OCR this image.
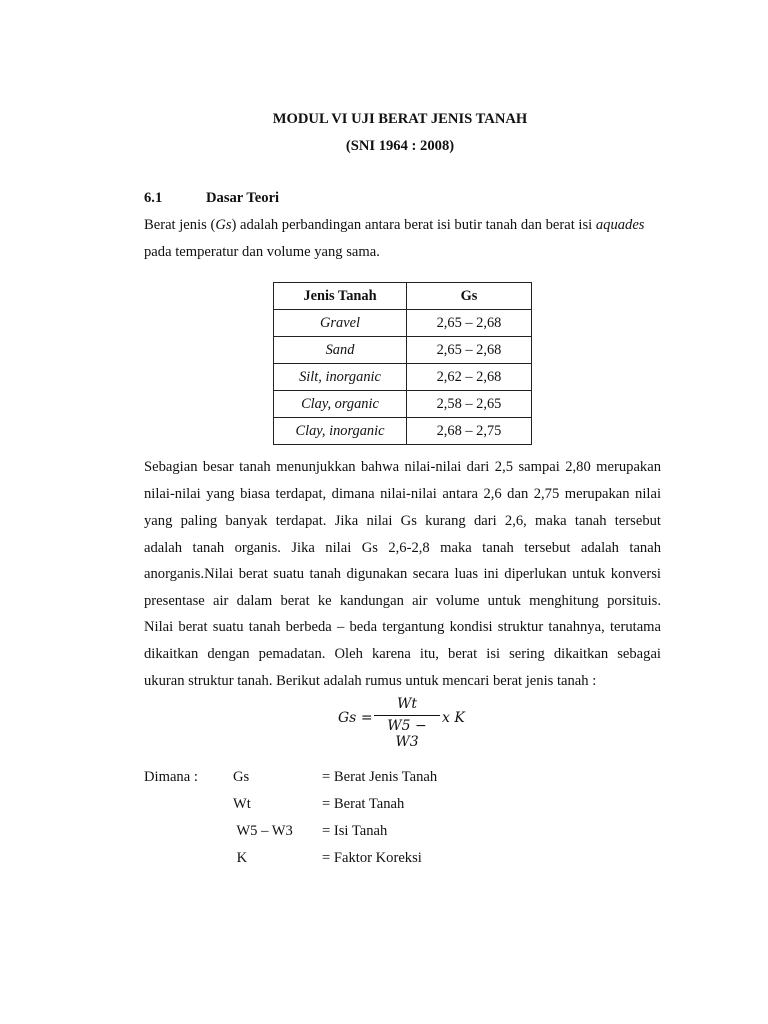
MODUL VI UJI BERAT JENIS TANAH
(SNI 1964 : 2008)
6.1	Dasar Teori
Berat jenis (Gs) adalah perbandingan antara berat isi butir tanah dan berat isi aquades
pada temperatur dan volume yang sama.
Jenis Tanah	Gs
Gravel	2,65 – 2,68
Sand	2,65 – 2,68
Silt, inorganic	2,62 – 2,68
Clay, organic	2,58 – 2,65
Clay, inorganic	2,68 – 2,75
Sebagian besar tanah menunjukkan bahwa nilai-nilai dari 2,5 sampai 2,80 merupakan
nilai-nilai yang biasa terdapat, dimana nilai-nilai antara 2,6 dan 2,75 merupakan nilai
yang paling banyak terdapat. Jika nilai Gs kurang dari 2,6, maka tanah tersebut
adalah tanah organis. Jika nilai Gs 2,6-2,8 maka tanah tersebut adalah tanah
anorganis.Nilai berat suatu tanah digunakan secara luas ini diperlukan untuk konversi
presentase air dalam berat ke kandungan air volume untuk menghitung porsituis.
Nilai berat suatu tanah berbeda – beda tergantung kondisi struktur tanahnya, terutama
dikaitkan dengan pemadatan. Oleh karena itu, berat isi sering dikaitkan sebagai
ukuran struktur tanah. Berikut adalah rumus untuk mencari berat jenis tanah :
Gs =
Wt
W5 − W3
x K
Dimana : Gs	= Berat Jenis Tanah
Wt	= Berat Tanah
W5 – W3 = Isi Tanah
K	= Faktor Koreksi
